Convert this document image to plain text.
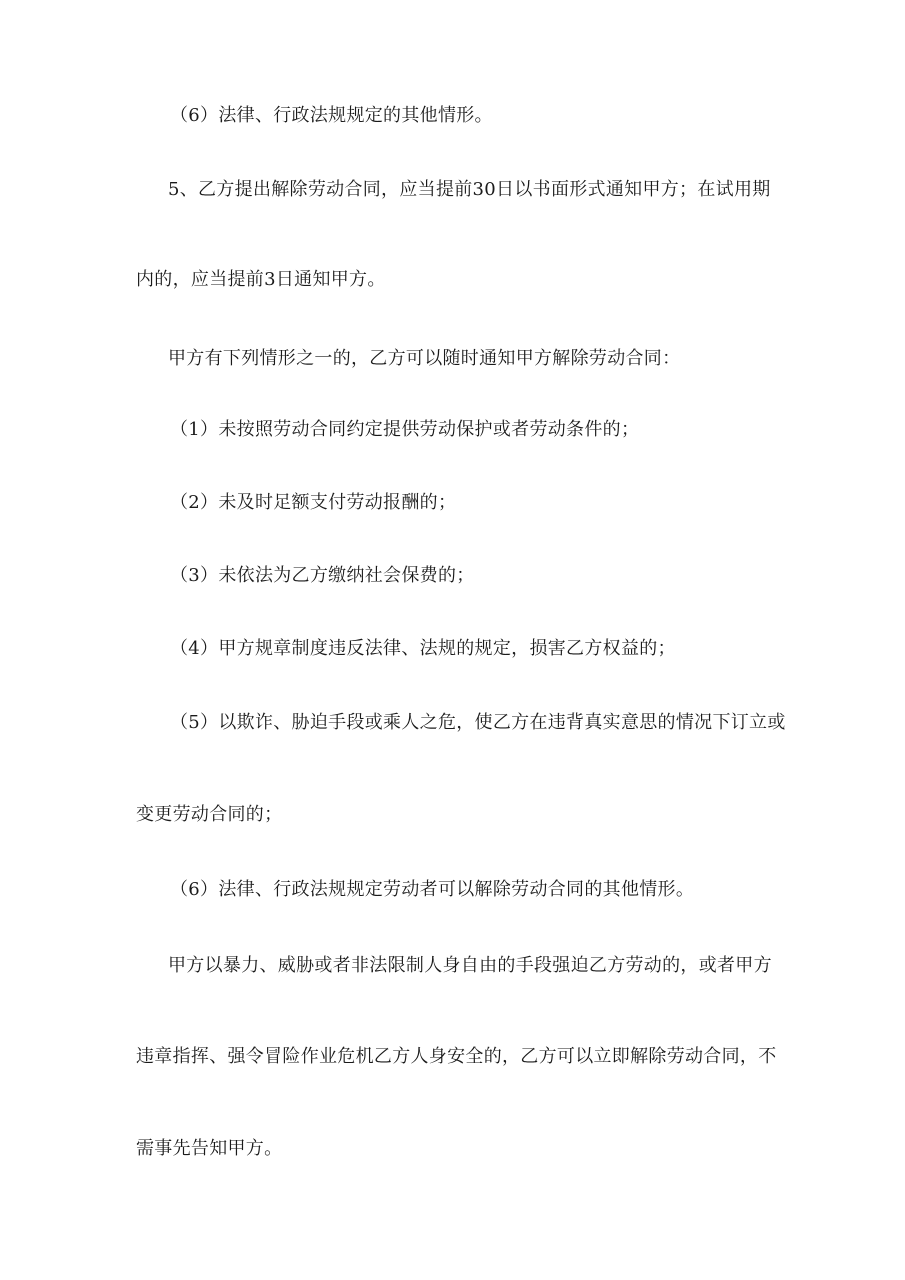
（6）法律、行政法规规定的其他情形。
5、乙方提出解除劳动合同，应当提前30日以书面形式通知甲方；在试用期
内的，应当提前3日通知甲方。
甲方有下列情形之一的，乙方可以随时通知甲方解除劳动合同：
（1）未按照劳动合同约定提供劳动保护或者劳动条件的；
（2）未及时足额支付劳动报酬的；
（3）未依法为乙方缴纳社会保费的；
（4）甲方规章制度违反法律、法规的规定，损害乙方权益的；
（5）以欺诈、胁迫手段或乘人之危，使乙方在违背真实意思的情况下订立或
变更劳动合同的；
（6）法律、行政法规规定劳动者可以解除劳动合同的其他情形。
甲方以暴力、威胁或者非法限制人身自由的手段强迫乙方劳动的，或者甲方
违章指挥、强令冒险作业危机乙方人身安全的，乙方可以立即解除劳动合同，不
需事先告知甲方。
